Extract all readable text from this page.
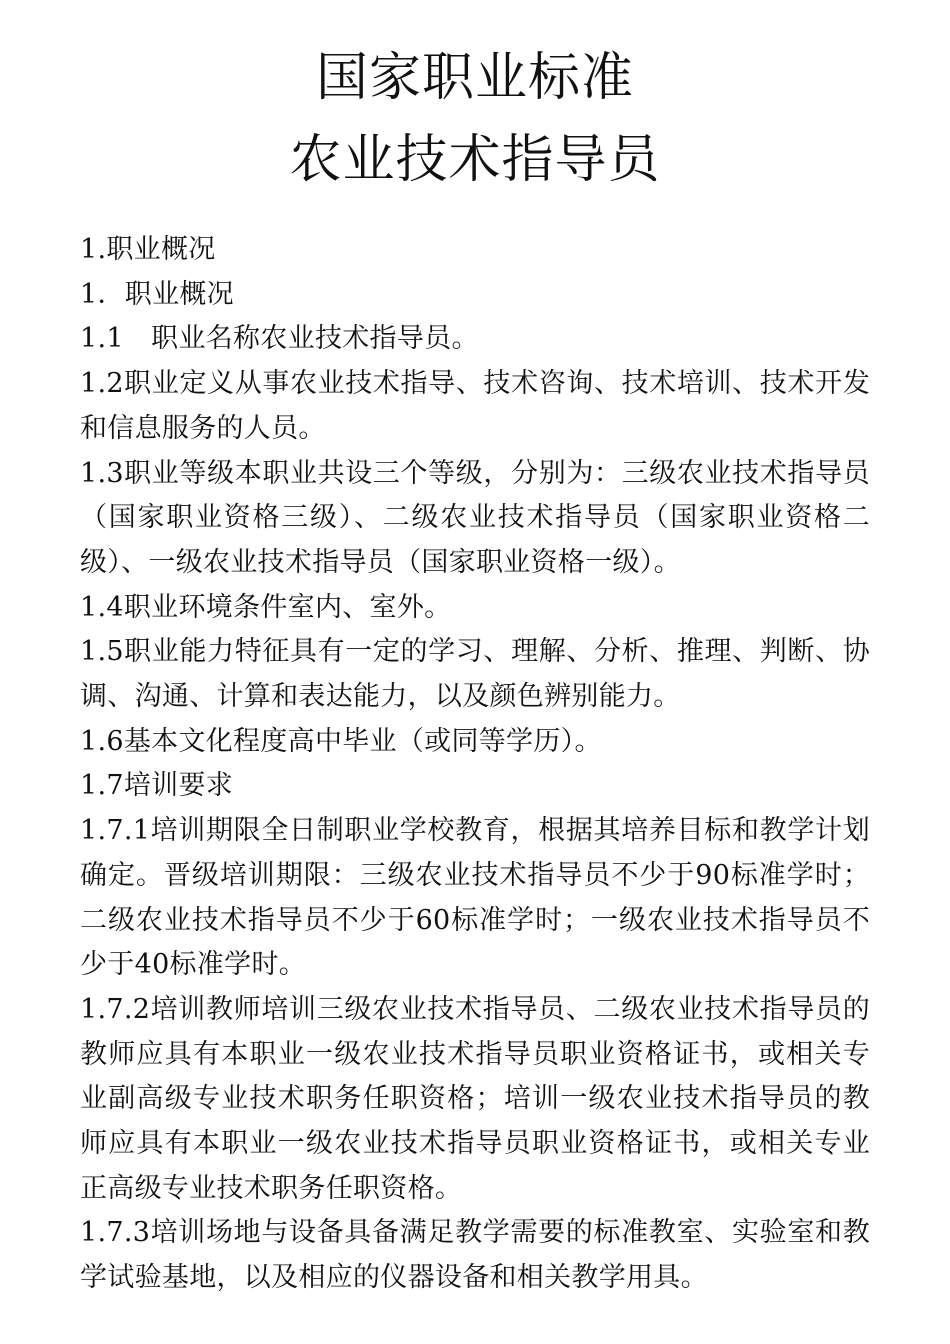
国家职业标准
农业技术指导员

1.职业概况

1．职业概况

1.1　职业名称农业技术指导员。

1.2职业定义从事农业技术指导、技术咨询、技术培训、技术开发和信息服务的人员。

1.3职业等级本职业共设三个等级，分别为：三级农业技术指导员（国家职业资格三级）、二级农业技术指导员（国家职业资格二级）、一级农业技术指导员（国家职业资格一级）。

1.4职业环境条件室内、室外。

1.5职业能力特征具有一定的学习、理解、分析、推理、判断、协调、沟通、计算和表达能力，以及颜色辨别能力。

1.6基本文化程度高中毕业（或同等学历）。

1.7培训要求

1.7.1培训期限全日制职业学校教育，根据其培养目标和教学计划确定。晋级培训期限：三级农业技术指导员不少于90标准学时；二级农业技术指导员不少于60标准学时；一级农业技术指导员不少于40标准学时。

1.7.2培训教师培训三级农业技术指导员、二级农业技术指导员的教师应具有本职业一级农业技术指导员职业资格证书，或相关专业副高级专业技术职务任职资格；培训一级农业技术指导员的教师应具有本职业一级农业技术指导员职业资格证书，或相关专业正高级专业技术职务任职资格。

1.7.3培训场地与设备具备满足教学需要的标准教室、实验室和教学试验基地，以及相应的仪器设备和相关教学用具。
